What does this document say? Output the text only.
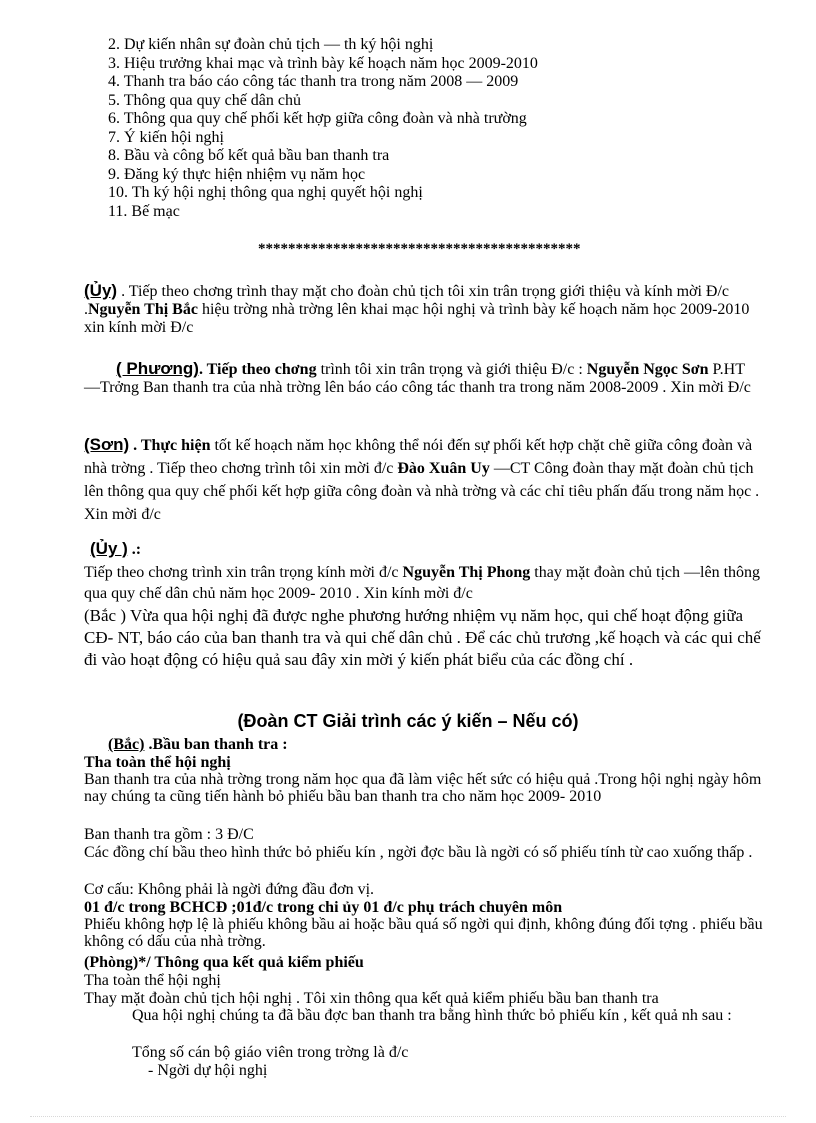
2. Dự kiến nhân sự đoàn chủ tịch — th ký hội nghị
3. Hiệu trưởng khai mạc và trình bày kế hoạch năm học 2009-2010
4. Thanh tra báo cáo công tác thanh tra trong năm 2008 — 2009
5. Thông qua quy chế dân chủ
6. Thông qua quy chế phối kết hợp giữa công đoàn và nhà trường
7. Ý kiến hội nghị
8. Bầu và công bố kết quả bầu ban thanh tra
9. Đăng ký thực hiện nhiệm vụ năm học
10. Th ký hội nghị thông qua nghị quyết hội nghị
11. Bế mạc
*******************************************

(Ủy) . Tiếp theo chơng trình thay mặt cho đoàn chủ tịch tôi xin trân trọng giới thiệu và kính mời Đ/c .Nguyễn Thị Bắc hiệu trờng nhà trờng lên khai mạc hội nghị và trình bày kế hoạch năm học 2009-2010 xin kính mời Đ/c

( Phương). Tiếp theo chơng trình tôi xin trân trọng và giới thiệu Đ/c : Nguyễn Ngọc Sơn P.HT —Trởng Ban thanh tra của nhà trờng lên báo cáo công tác thanh tra trong năm 2008-2009 . Xin mời Đ/c

(Sơn) . Thực hiện tốt kế hoạch năm học không thể nói đến sự phối kết hợp chặt chẽ giữa công đoàn và nhà trờng . Tiếp theo chơng trình tôi xin mời đ/c Đào Xuân Uy —CT Công đoàn thay mặt đoàn chủ tịch lên thông qua quy chế phối kết hợp giữa công đoàn và nhà trờng và các chỉ tiêu phấn đấu trong năm học . Xin mời đ/c

(Ủy ) .:

Tiếp theo chơng trình xin trân trọng kính mời đ/c Nguyễn Thị Phong thay mặt đoàn chủ tịch —lên thông qua quy chế dân chủ năm học 2009- 2010 . Xin kính mời đ/c

(Bắc ) Vừa qua hội nghị đã được nghe phương hướng nhiệm vụ năm học, qui chế hoạt động giữa CĐ- NT, báo cáo của ban thanh tra và qui chế dân chủ . Để các chủ trương ,kế hoạch và các qui chế đi vào hoạt động có hiệu quả sau đây xin mời ý kiến phát biểu của các đồng chí .

(Đoàn CT Giải trình các ý kiến – Nếu có)
(Bắc) .Bầu ban thanh tra :
Tha toàn thể hội nghị

Ban thanh tra của nhà trờng trong năm học qua đã làm việc hết sức có hiệu quả .Trong hội nghị ngày hôm nay chúng ta cũng tiến hành bỏ phiếu bầu ban thanh tra cho năm học 2009- 2010

Ban thanh tra gồm : 3 Đ/C

Các đồng chí bầu theo hình thức bỏ phiếu kín , ngời đợc bầu là ngời có số phiếu tính từ cao xuống thấp .

Cơ cấu: Không phải là ngời đứng đầu đơn vị.
01 đ/c trong BCHCĐ ;01đ/c trong chi ủy 01 đ/c phụ trách chuyên môn

Phiếu không hợp lệ là phiếu không bầu ai hoặc bầu quá số ngời qui định, không đúng đối tợng . phiếu bầu không có dấu của nhà trờng.

(Phòng)*/ Thông qua kết quả kiểm phiếu
Tha toàn thể hội nghị
Thay mặt đoàn chủ tịch hội nghị . Tôi xin thông qua kết quả kiểm phiếu bầu ban thanh tra

Qua hội nghị chúng ta đã bầu đợc ban thanh tra bằng hình thức bỏ phiếu kín , kết quả nh sau :

Tổng số cán bộ giáo viên trong trờng là đ/c
- Ngời dự hội nghị
